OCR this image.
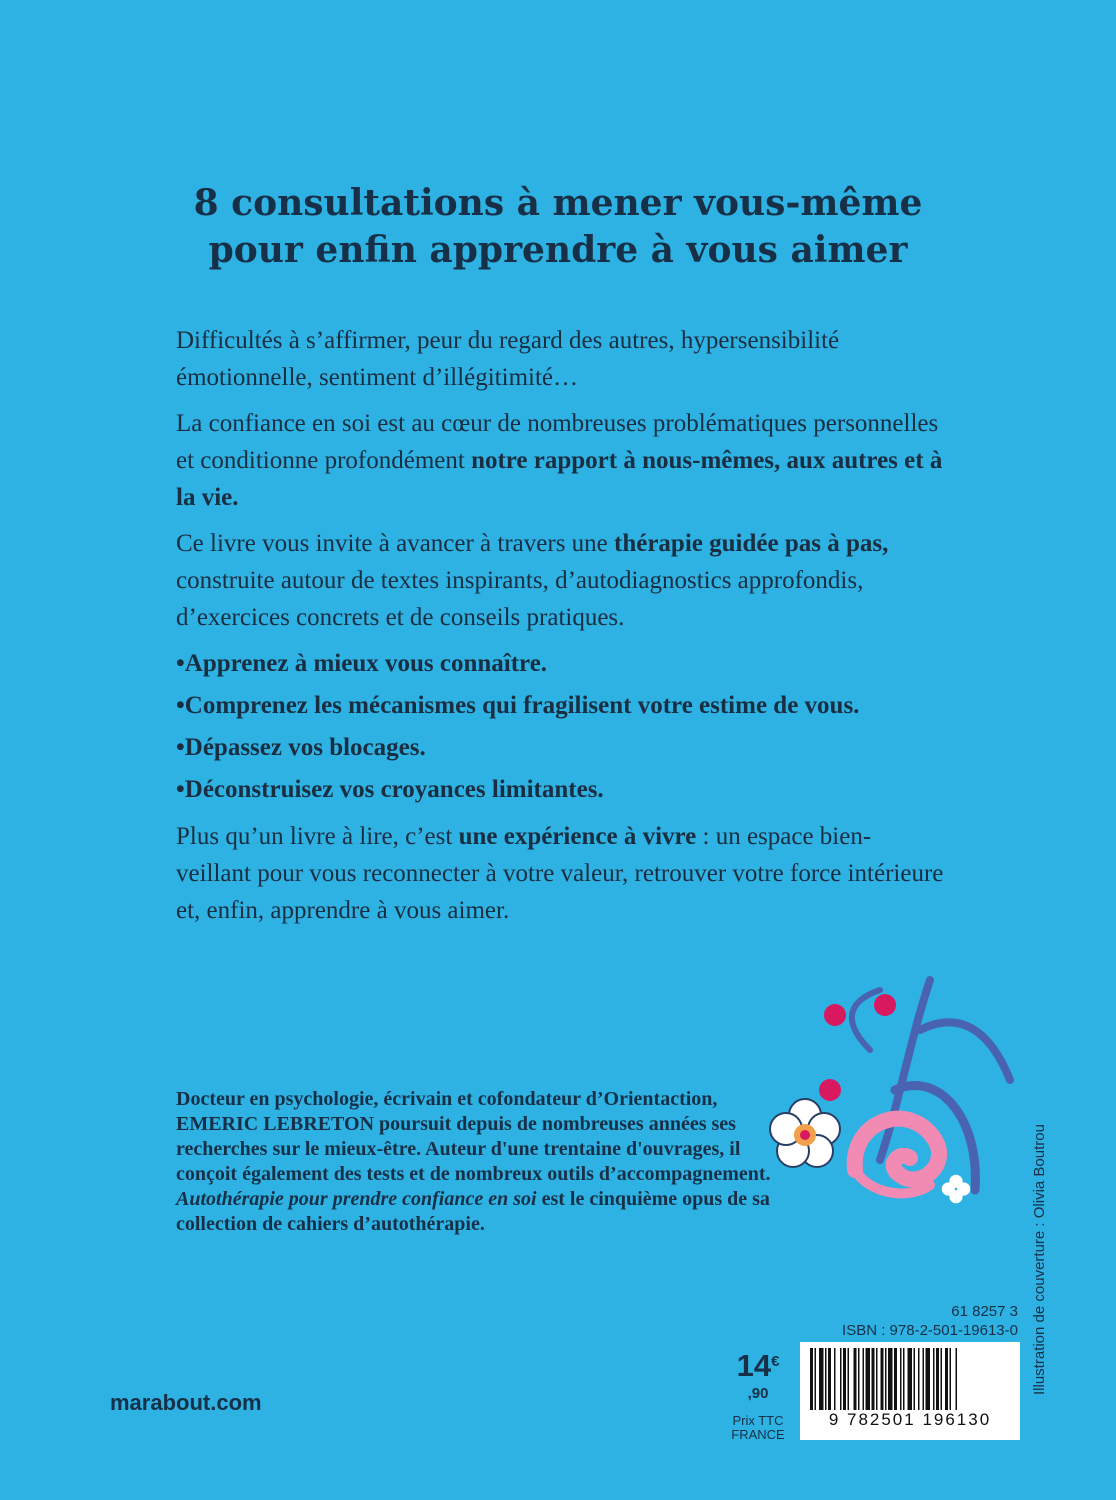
8 consultations à mener vous-même
pour enfin apprendre à vous aimer

Difficultés à s’affirmer, peur du regard des autres, hypersensibilité émotionnelle, sentiment d’illégitimité…

La confiance en soi est au cœur de nombreuses problématiques personnelles et conditionne profondément notre rapport à nous-mêmes, aux autres et à la vie.

Ce livre vous invite à avancer à travers une thérapie guidée pas à pas, construite autour de textes inspirants, d’autodiagnostics approfondis, d’exercices concrets et de conseils pratiques.

• Apprenez à mieux vous connaître.
• Comprenez les mécanismes qui fragilisent votre estime de vous.
• Dépassez vos blocages.
• Déconstruisez vos croyances limitantes.

Plus qu’un livre à lire, c’est une expérience à vivre : un espace bien-veillant pour vous reconnecter à votre valeur, retrouver votre force intérieure et, enfin, apprendre à vous aimer.

Docteur en psychologie, écrivain et cofondateur d’Orientaction, EMERIC LEBRETON poursuit depuis de nombreuses années ses recherches sur le mieux-être. Auteur d'une trentaine d'ouvrages, il conçoit également des tests et de nombreux outils d’accompagnement. Autothérapie pour prendre confiance en soi est le cinquième opus de sa collection de cahiers d’autothérapie.	Illustration de couverture : Olivia Boutrou
61 8257 3
ISBN : 978-2-501-19613-0
$14^{€ ,90}$
Prix TTC
FRANCE
9 782501 196130
marabout.com
